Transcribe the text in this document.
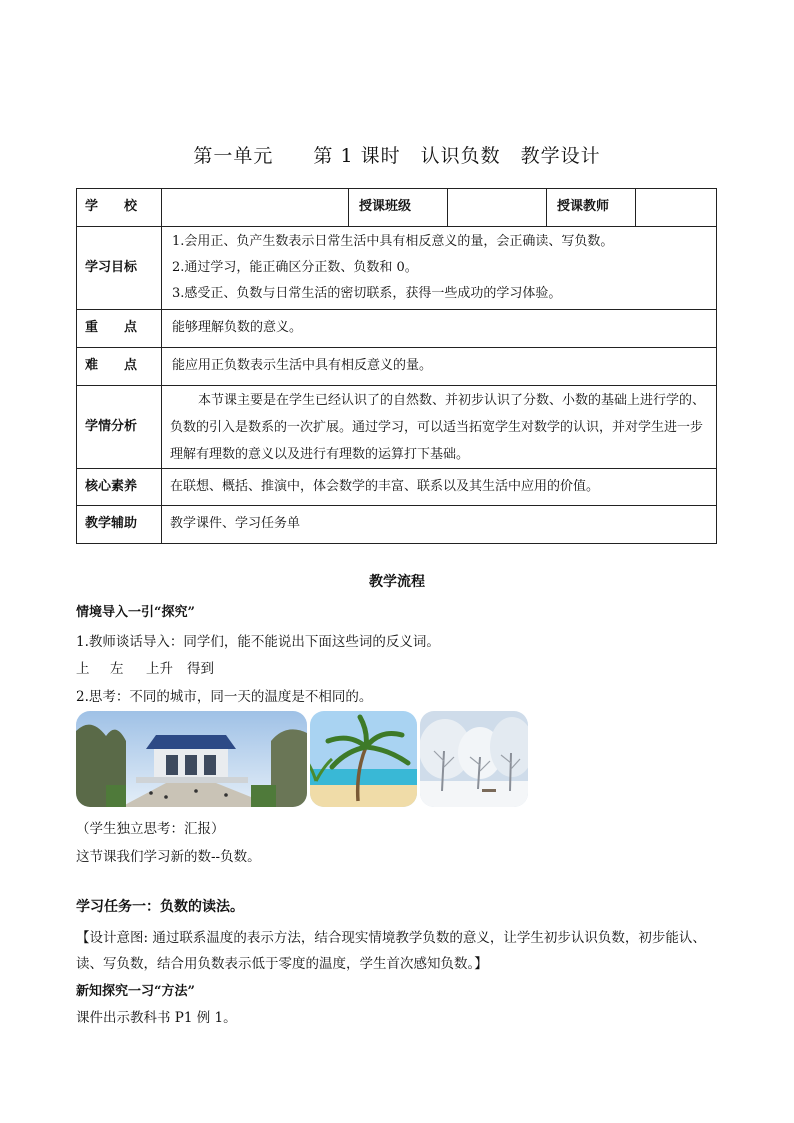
第一单元　　第 1 课时　认识负数　教学设计
学　　校		授课班级		授课教师	
学习目标	1.会用正、负产生数表示日常生活中具有相反意义的量，会正确读、写负数。
2.通过学习，能正确区分正数、负数和 0。
3.感受正、负数与日常生活的密切联系，获得一些成功的学习体验。				

重　　点	能够理解负数的意义。				
难　　点	能应用正负数表示生活中具有相反意义的量。				
学情分析	本节课主要是在学生已经认识了的自然数、并初步认识了分数、小数的基础上进行学的、负数的引入是数系的一次扩展。通过学习，可以适当拓宽学生对数学的认识，并对学生进一步理解有理数的意义以及进行有理数的运算打下基础。				
核心素养	在联想、概括、推演中，体会数学的丰富、联系以及其生活中应用的价值。				
教学辅助	教学课件、学习任务单				
教学流程
情境导入一引“探究”
1.教师谈话导入：同学们，能不能说出下面这些词的反义词。
上 左 上升 得到
2.思考：不同的城市，同一天的温度是不相同的。
（学生独立思考：汇报）
这节课我们学习新的数--负数。
学习任务一：负数的读法。
【设计意图: 通过联系温度的表示方法，结合现实情境教学负数的意义，让学生初步认识负数，初步能认、读、写负数，结合用负数表示低于零度的温度，学生首次感知负数。】
新知探究一习“方法”
课件出示教科书 P1 例 1。
